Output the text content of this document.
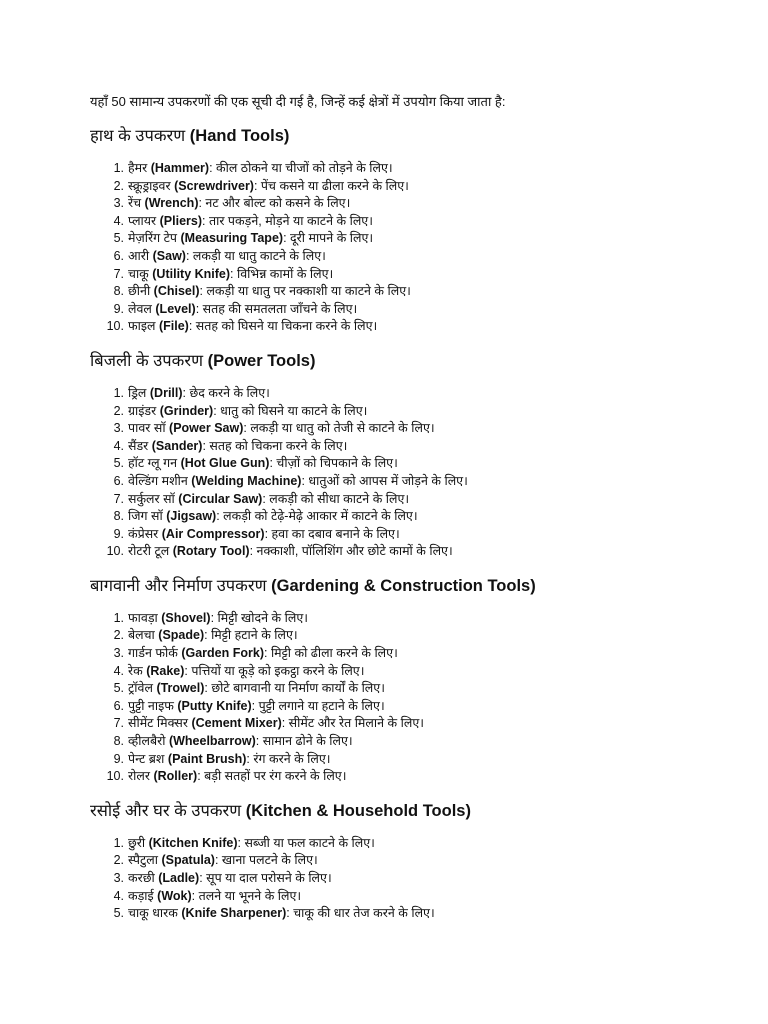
यहाँ 50 सामान्य उपकरणों की एक सूची दी गई है, जिन्हें कई क्षेत्रों में उपयोग किया जाता है:

हाथ के उपकरण (Hand Tools)
1. हैमर (Hammer): कील ठोकने या चीजों को तोड़ने के लिए।
2. स्क्रूड्राइवर (Screwdriver): पेंच कसने या ढीला करने के लिए।
3. रेंच (Wrench): नट और बोल्ट को कसने के लिए।
4. प्लायर (Pliers): तार पकड़ने, मोड़ने या काटने के लिए।
5. मेज़रिंग टेप (Measuring Tape): दूरी मापने के लिए।
6. आरी (Saw): लकड़ी या धातु काटने के लिए।
7. चाकू (Utility Knife): विभिन्न कामों के लिए।
8. छीनी (Chisel): लकड़ी या धातु पर नक्काशी या काटने के लिए।
9. लेवल (Level): सतह की समतलता जाँचने के लिए।
10. फाइल (File): सतह को घिसने या चिकना करने के लिए।
बिजली के उपकरण (Power Tools)
1. ड्रिल (Drill): छेद करने के लिए।
2. ग्राइंडर (Grinder): धातु को घिसने या काटने के लिए।
3. पावर सॉ (Power Saw): लकड़ी या धातु को तेजी से काटने के लिए।
4. सैंडर (Sander): सतह को चिकना करने के लिए।
5. हॉट ग्लू गन (Hot Glue Gun): चीज़ों को चिपकाने के लिए।
6. वेल्डिंग मशीन (Welding Machine): धातुओं को आपस में जोड़ने के लिए।
7. सर्कुलर सॉ (Circular Saw): लकड़ी को सीधा काटने के लिए।
8. जिग सॉ (Jigsaw): लकड़ी को टेढ़े-मेढ़े आकार में काटने के लिए।
9. कंप्रेसर (Air Compressor): हवा का दबाव बनाने के लिए।
10. रोटरी टूल (Rotary Tool): नक्काशी, पॉलिशिंग और छोटे कामों के लिए।
बागवानी और निर्माण उपकरण (Gardening & Construction Tools)
1. फावड़ा (Shovel): मिट्टी खोदने के लिए।
2. बेलचा (Spade): मिट्टी हटाने के लिए।
3. गार्डन फोर्क (Garden Fork): मिट्टी को ढीला करने के लिए।
4. रेक (Rake): पत्तियों या कूड़े को इकट्ठा करने के लिए।
5. ट्रॉवेल (Trowel): छोटे बागवानी या निर्माण कार्यों के लिए।
6. पुट्टी नाइफ (Putty Knife): पुट्टी लगाने या हटाने के लिए।
7. सीमेंट मिक्सर (Cement Mixer): सीमेंट और रेत मिलाने के लिए।
8. व्हीलबैरो (Wheelbarrow): सामान ढोने के लिए।
9. पेन्ट ब्रश (Paint Brush): रंग करने के लिए।
10. रोलर (Roller): बड़ी सतहों पर रंग करने के लिए।
रसोई और घर के उपकरण (Kitchen & Household Tools)
1. छुरी (Kitchen Knife): सब्जी या फल काटने के लिए।
2. स्पैटुला (Spatula): खाना पलटने के लिए।
3. करछी (Ladle): सूप या दाल परोसने के लिए।
4. कड़ाई (Wok): तलने या भूनने के लिए।
5. चाकू धारक (Knife Sharpener): चाकू की धार तेज करने के लिए।
